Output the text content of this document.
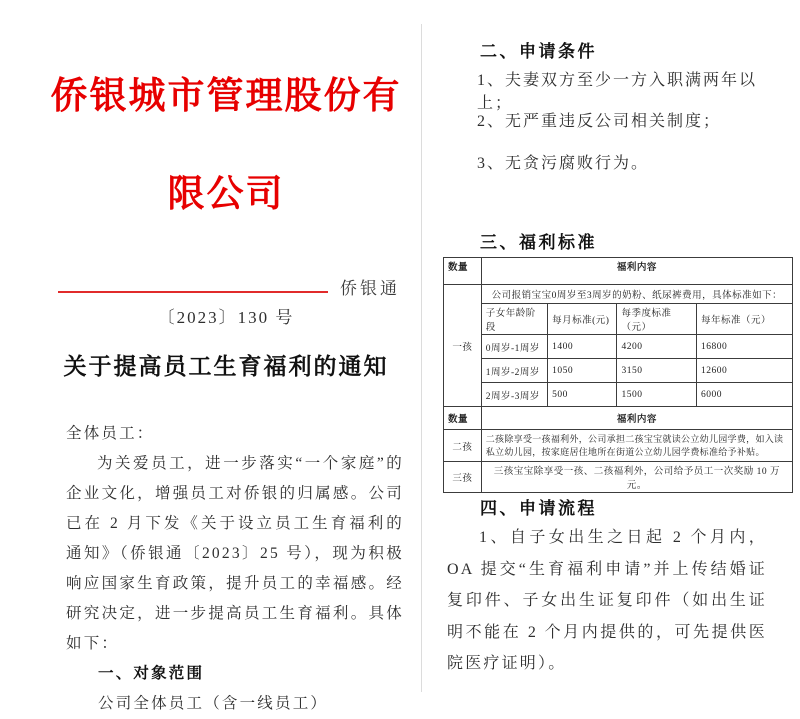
侨银城市管理股份有
限公司
侨银通
〔2023〕130 号
关于提高员工生育福利的通知
全体员工：
为关爱员工，进一步落实“一个家庭”的企业文化，增强员工对侨银的归属感。公司已在 2 月下发《关于设立员工生育福利的通知》（侨银通〔2023〕25 号），现为积极响应国家生育政策，提升员工的幸福感。经研究决定，进一步提高员工生育福利。具体如下：
一、对象范围
公司全体员工（含一线员工）
二、申请条件
1、夫妻双方至少一方入职满两年以上；
2、无严重违反公司相关制度；
3、无贪污腐败行为。
三、福利标准
数量	福利内容			
一孩	公司报销宝宝0周岁至3周岁的奶粉、纸尿裤费用，具体标准如下：			
	子女年龄阶段	每月标准(元)	每季度标准（元）	每年标准（元）
	0周岁-1周岁	1400	4200	16800
	1周岁-2周岁	1050	3150	12600
	2周岁-3周岁	500	1500	6000
数量	福利内容			
二孩	二孩除享受一孩福利外，公司承担二孩宝宝就读公立幼儿园学费，如入读私立幼儿园，按家庭居住地所在街道公立幼儿园学费标准给予补贴。			
三孩	三孩宝宝除享受一孩、二孩福利外，公司给予员工一次奖励 10 万元。			
四、申请流程
1、自子女出生之日起 2 个月内，OA 提交“生育福利申请”并上传结婚证复印件、子女出生证复印件（如出生证明不能在 2 个月内提供的，可先提供医院医疗证明）。
